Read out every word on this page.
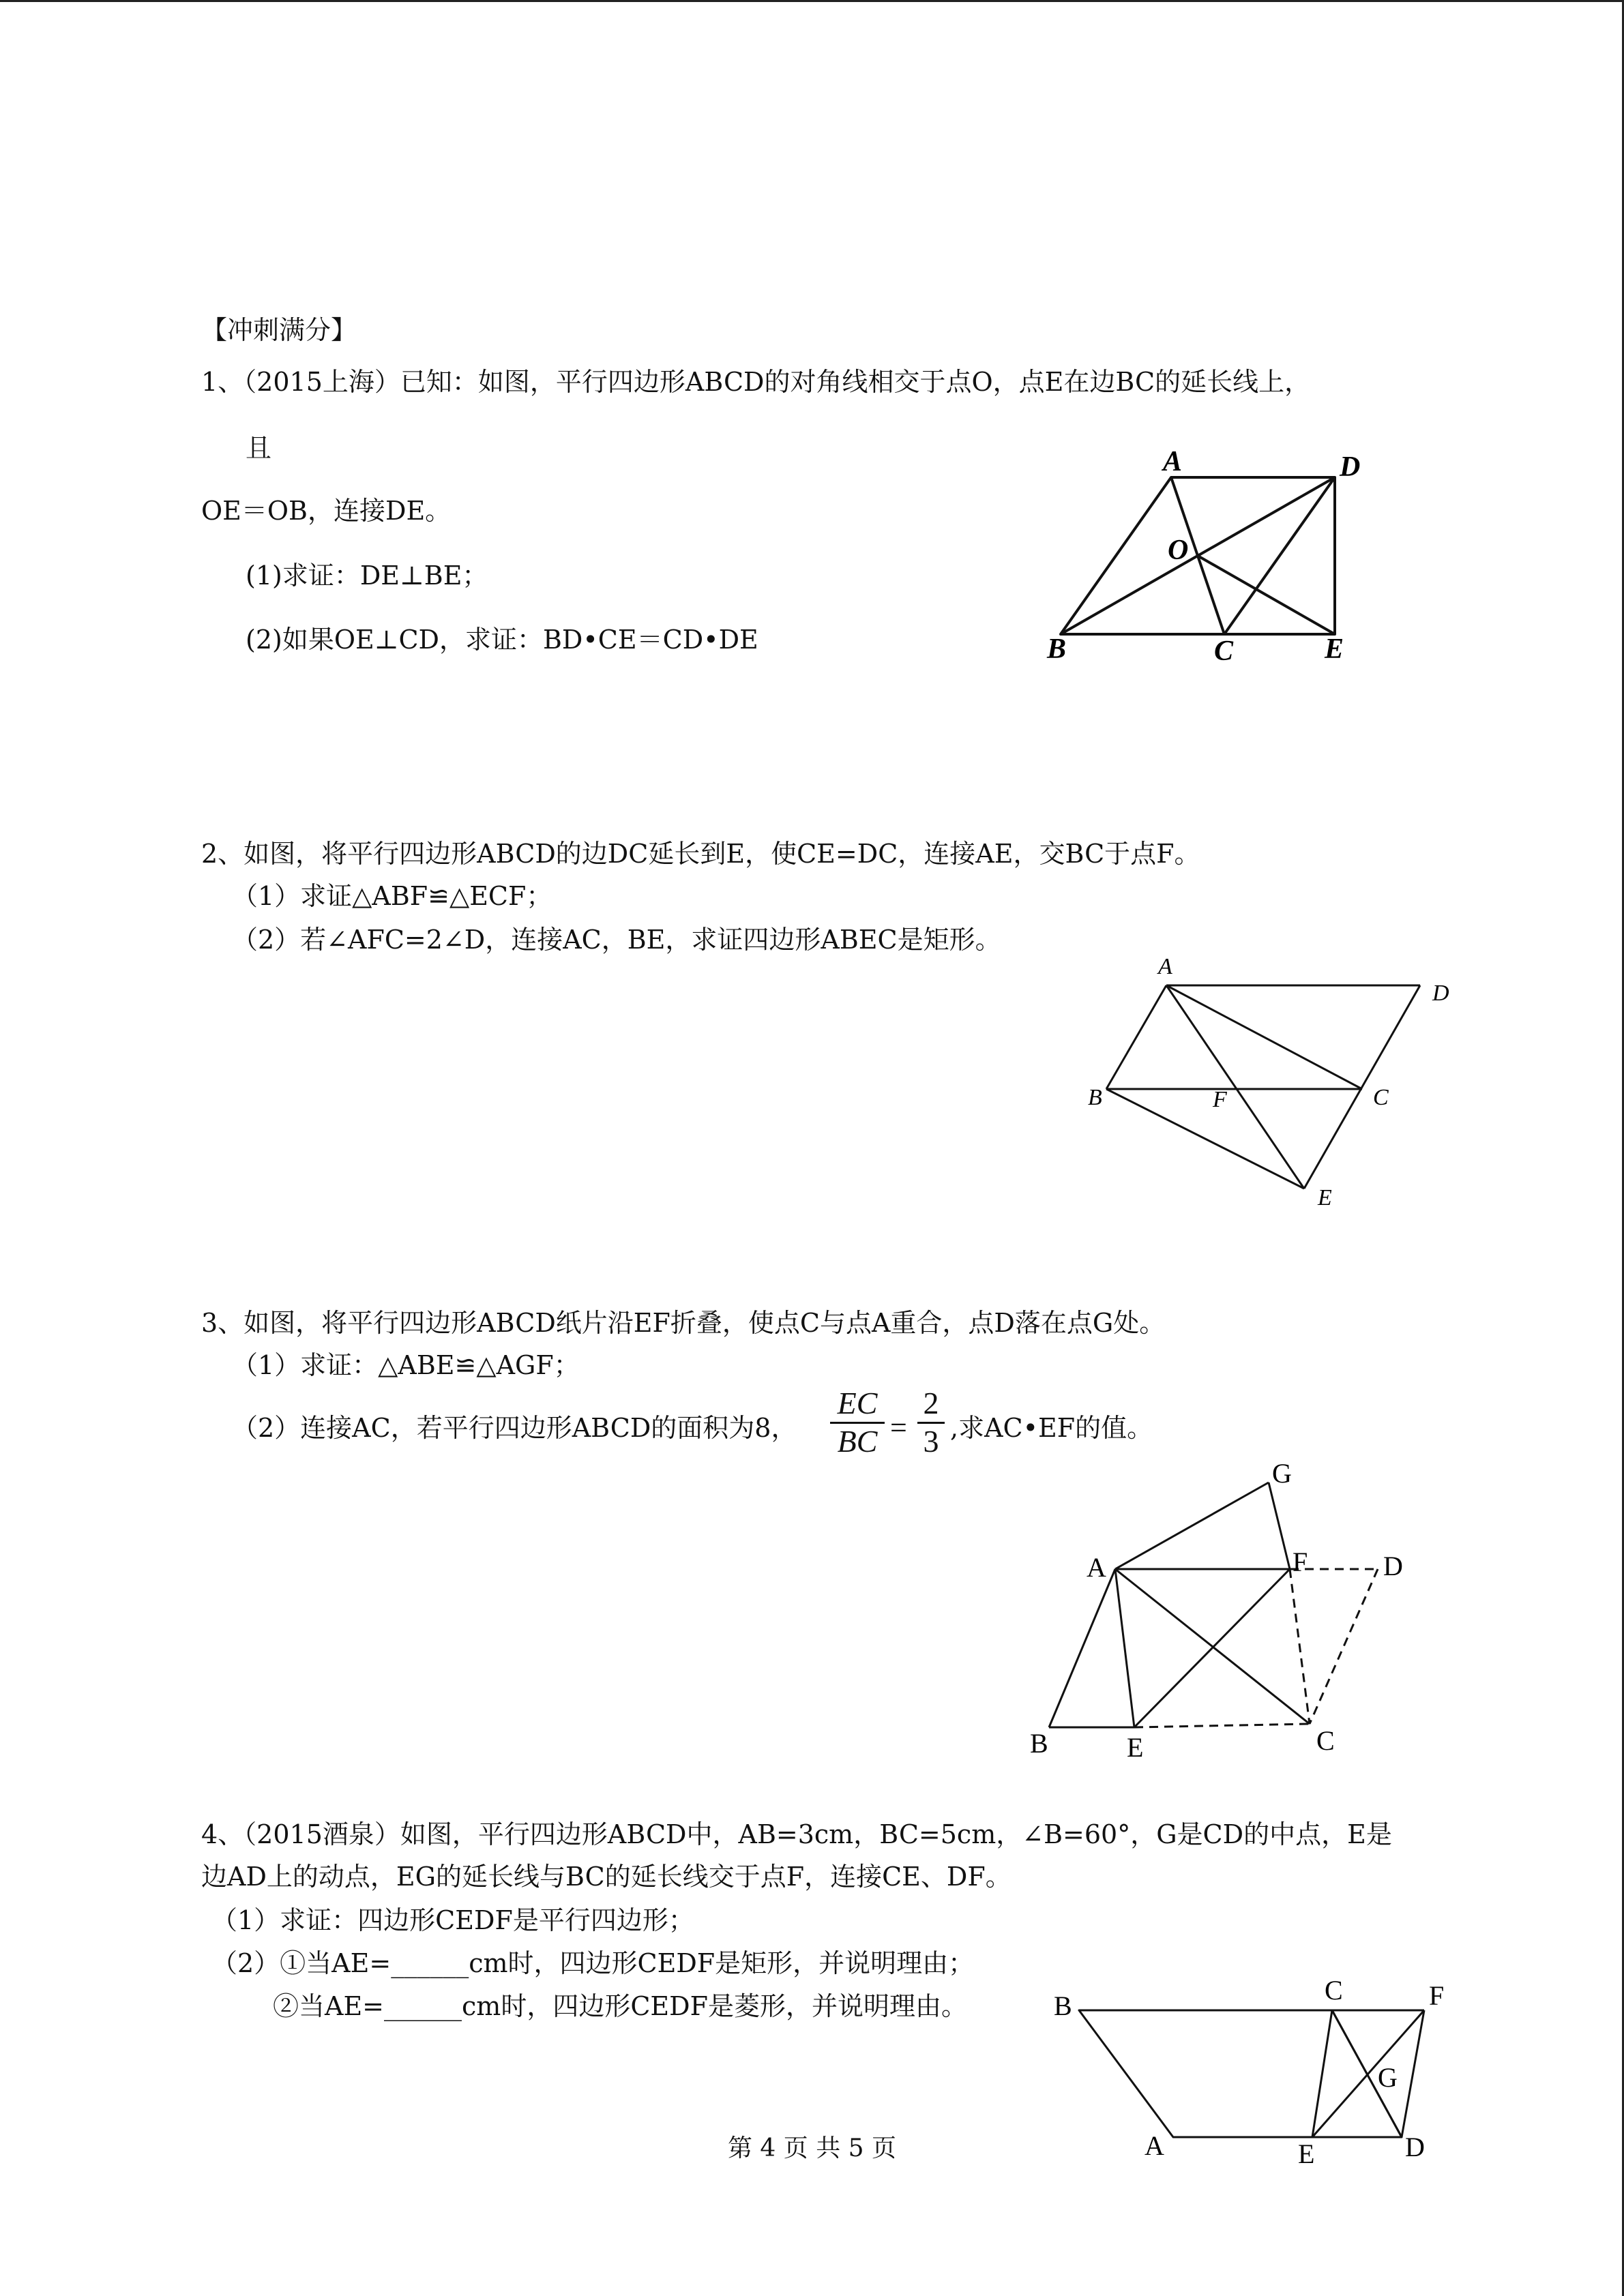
【冲刺满分】
1、（2015上海）已知：如图，平行四边形ABCD的对角线相交于点O，点E在边BC的延长线上，
且
OE＝OB，连接DE。
(1)求证：DE⊥BE；
(2)如果OE⊥CD，求证：BD•CE＝CD•DE
A	D
O
B	C	E
2、如图，将平行四边形ABCD的边DC延长到E，使CE=DC，连接AE，交BC于点F。
（1）求证△ABF≌△ECF；
（2）若∠AFC=2∠D，连接AC，BE，求证四边形ABEC是矩形。
A
D
B	F	C
E
3、如图，将平行四边形ABCD纸片沿EF折叠，使点C与点A重合，点D落在点G处。
（1）求证：△ABE≌△AGF；
（2）连接AC，若平行四边形ABCD的面积为8，
EC
BC =
2
3 ,求AC•EF的值。
G
A	F	D
B	E	C
4、（2015酒泉）如图，平行四边形ABCD中，AB=3cm，BC=5cm，∠B=60°，G是CD的中点，E是
边AD上的动点，EG的延长线与BC的延长线交于点F，连接CE、DF。
（1）求证：四边形CEDF是平行四边形；
（2）①当AE=______cm时，四边形CEDF是矩形，并说明理由；
②当AE=______cm时，四边形CEDF是菱形，并说明理由。	B
C	F
G
A	E	D
第 4 页 共 5 页
